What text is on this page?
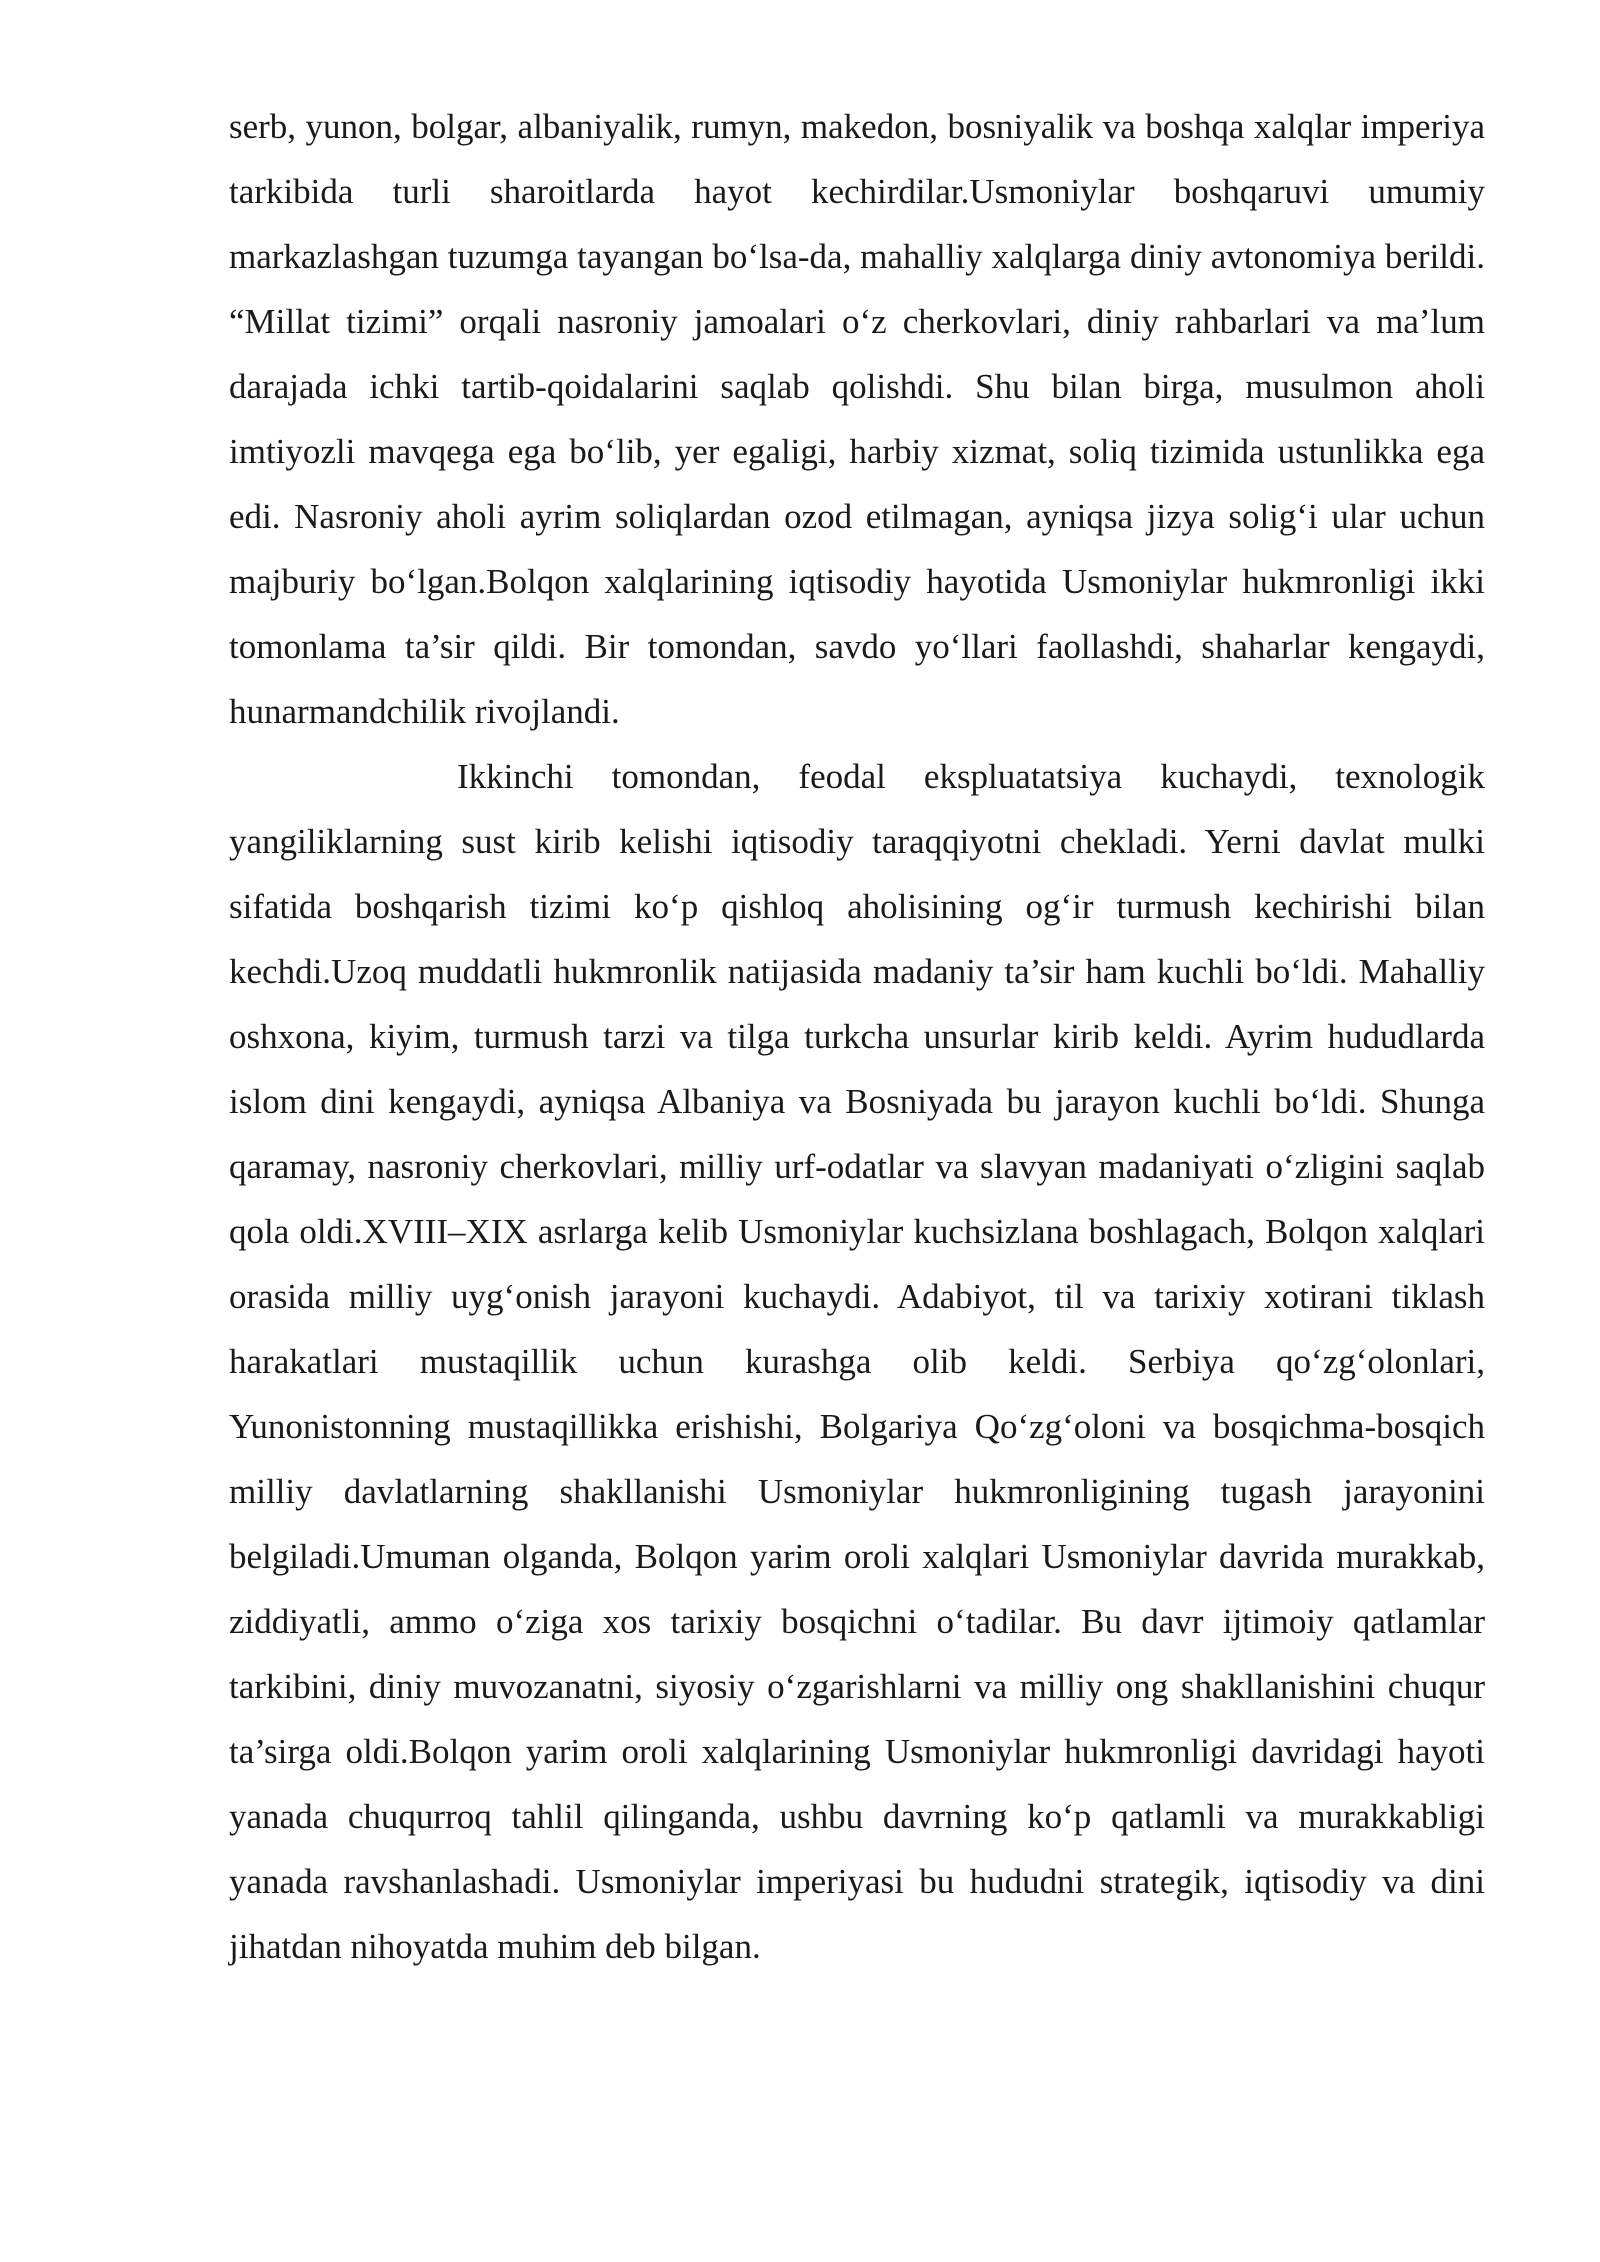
serb, yunon, bolgar, albaniyalik, rumyn, makedon, bosniyalik va boshqa xalqlar imperiya tarkibida turli sharoitlarda hayot kechirdilar.Usmoniylar boshqaruvi umumiy markazlashgan tuzumga tayangan bo‘lsa-da, mahalliy xalqlarga diniy avtonomiya berildi. “Millat tizimi” orqali nasroniy jamoalari o‘z cherkovlari, diniy rahbarlari va ma’lum darajada ichki tartib-qoidalarini saqlab qolishdi. Shu bilan birga, musulmon aholi imtiyozli mavqega ega bo‘lib, yer egaligi, harbiy xizmat, soliq tizimida ustunlikka ega edi. Nasroniy aholi ayrim soliqlardan ozod etilmagan, ayniqsa jizya solig‘i ular uchun majburiy bo‘lgan.Bolqon xalqlarining iqtisodiy hayotida Usmoniylar hukmronligi ikki tomonlama ta’sir qildi. Bir tomondan, savdo yo‘llari faollashdi, shaharlar kengaydi, hunarmandchilik rivojlandi.

Ikkinchi tomondan, feodal ekspluatatsiya kuchaydi, texnologik yangiliklarning sust kirib kelishi iqtisodiy taraqqiyotni chekladi. Yerni davlat mulki sifatida boshqarish tizimi ko‘p qishloq aholisining og‘ir turmush kechirishi bilan kechdi.Uzoq muddatli hukmronlik natijasida madaniy ta’sir ham kuchli bo‘ldi. Mahalliy oshxona, kiyim, turmush tarzi va tilga turkcha unsurlar kirib keldi. Ayrim hududlarda islom dini kengaydi, ayniqsa Albaniya va Bosniyada bu jarayon kuchli bo‘ldi. Shunga qaramay, nasroniy cherkovlari, milliy urf-odatlar va slavyan madaniyati o‘zligini saqlab qola oldi.XVIII–XIX asrlarga kelib Usmoniylar kuchsizlana boshlagach, Bolqon xalqlari orasida milliy uyg‘onish jarayoni kuchaydi. Adabiyot, til va tarixiy xotirani tiklash harakatlari mustaqillik uchun kurashga olib keldi. Serbiya qo‘zg‘olonlari, Yunonistonning mustaqillikka erishishi, Bolgariya Qo‘zg‘oloni va bosqichma-bosqich milliy davlatlarning shakllanishi Usmoniylar hukmronligining tugash jarayonini belgiladi.Umuman olganda, Bolqon yarim oroli xalqlari Usmoniylar davrida murakkab, ziddiyatli, ammo o‘ziga xos tarixiy bosqichni o‘tadilar. Bu davr ijtimoiy qatlamlar tarkibini, diniy muvozanatni, siyosiy o‘zgarishlarni va milliy ong shakllanishini chuqur ta’sirga oldi.Bolqon yarim oroli xalqlarining Usmoniylar hukmronligi davridagi hayoti yanada chuqurroq tahlil qilinganda, ushbu davrning ko‘p qatlamli va murakkabligi yanada ravshanlashadi. Usmoniylar imperiyasi bu hududni strategik, iqtisodiy va dini jihatdan nihoyatda muhim deb bilgan.
